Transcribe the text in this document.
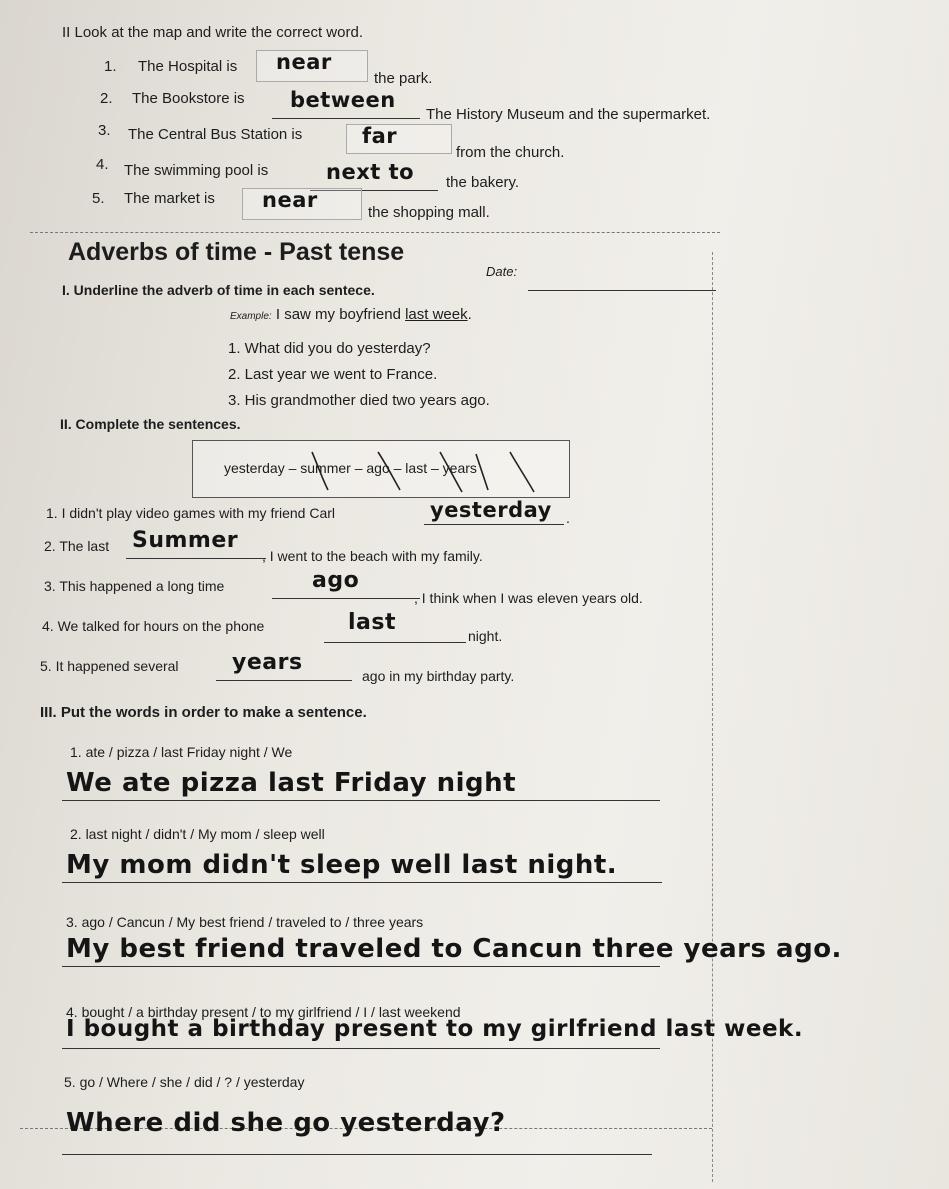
II Look at the map and write the correct word.
1. The Hospital is near
the park.
2. The Bookstore is between
The History Museum and the supermarket.
3. The Central Bus Station is	far
from the church.
4. The swimming pool is	next to the bakery.
5. The market is near
the shopping mall.
Adverbs of time - Past tense
Date:
I. Underline the adverb of time in each sentece.
Example: I saw my boyfriend last week.
1. What did you do yesterday?
2. Last year we went to France.
3. His grandmother died two years ago.
II. Complete the sentences.
yesterday – summer – ago – last – years
1. I didn't play video games with my friend Carl	yesterday .
2. The last Summer
, I went to the beach with my family.
3. This happened a long time	ago
, I think when I was eleven years old.
4. We talked for hours on the phone	last
night.
5. It happened several years
ago in my birthday party.
III. Put the words in order to make a sentence.
1. ate / pizza / last Friday night / We
We ate pizza last Friday night
2. last night / didn't / My mom / sleep well
My mom didn't sleep well last night.
3. ago / Cancun / My best friend / traveled to / three years
My best friend traveled to Cancun three years ago.
4. bought / a birthday present / to my girlfriend / I / last weekend
I bought a birthday present to my girlfriend last week.
5. go / Where / she / did / ? / yesterday
Where did she go yesterday?
